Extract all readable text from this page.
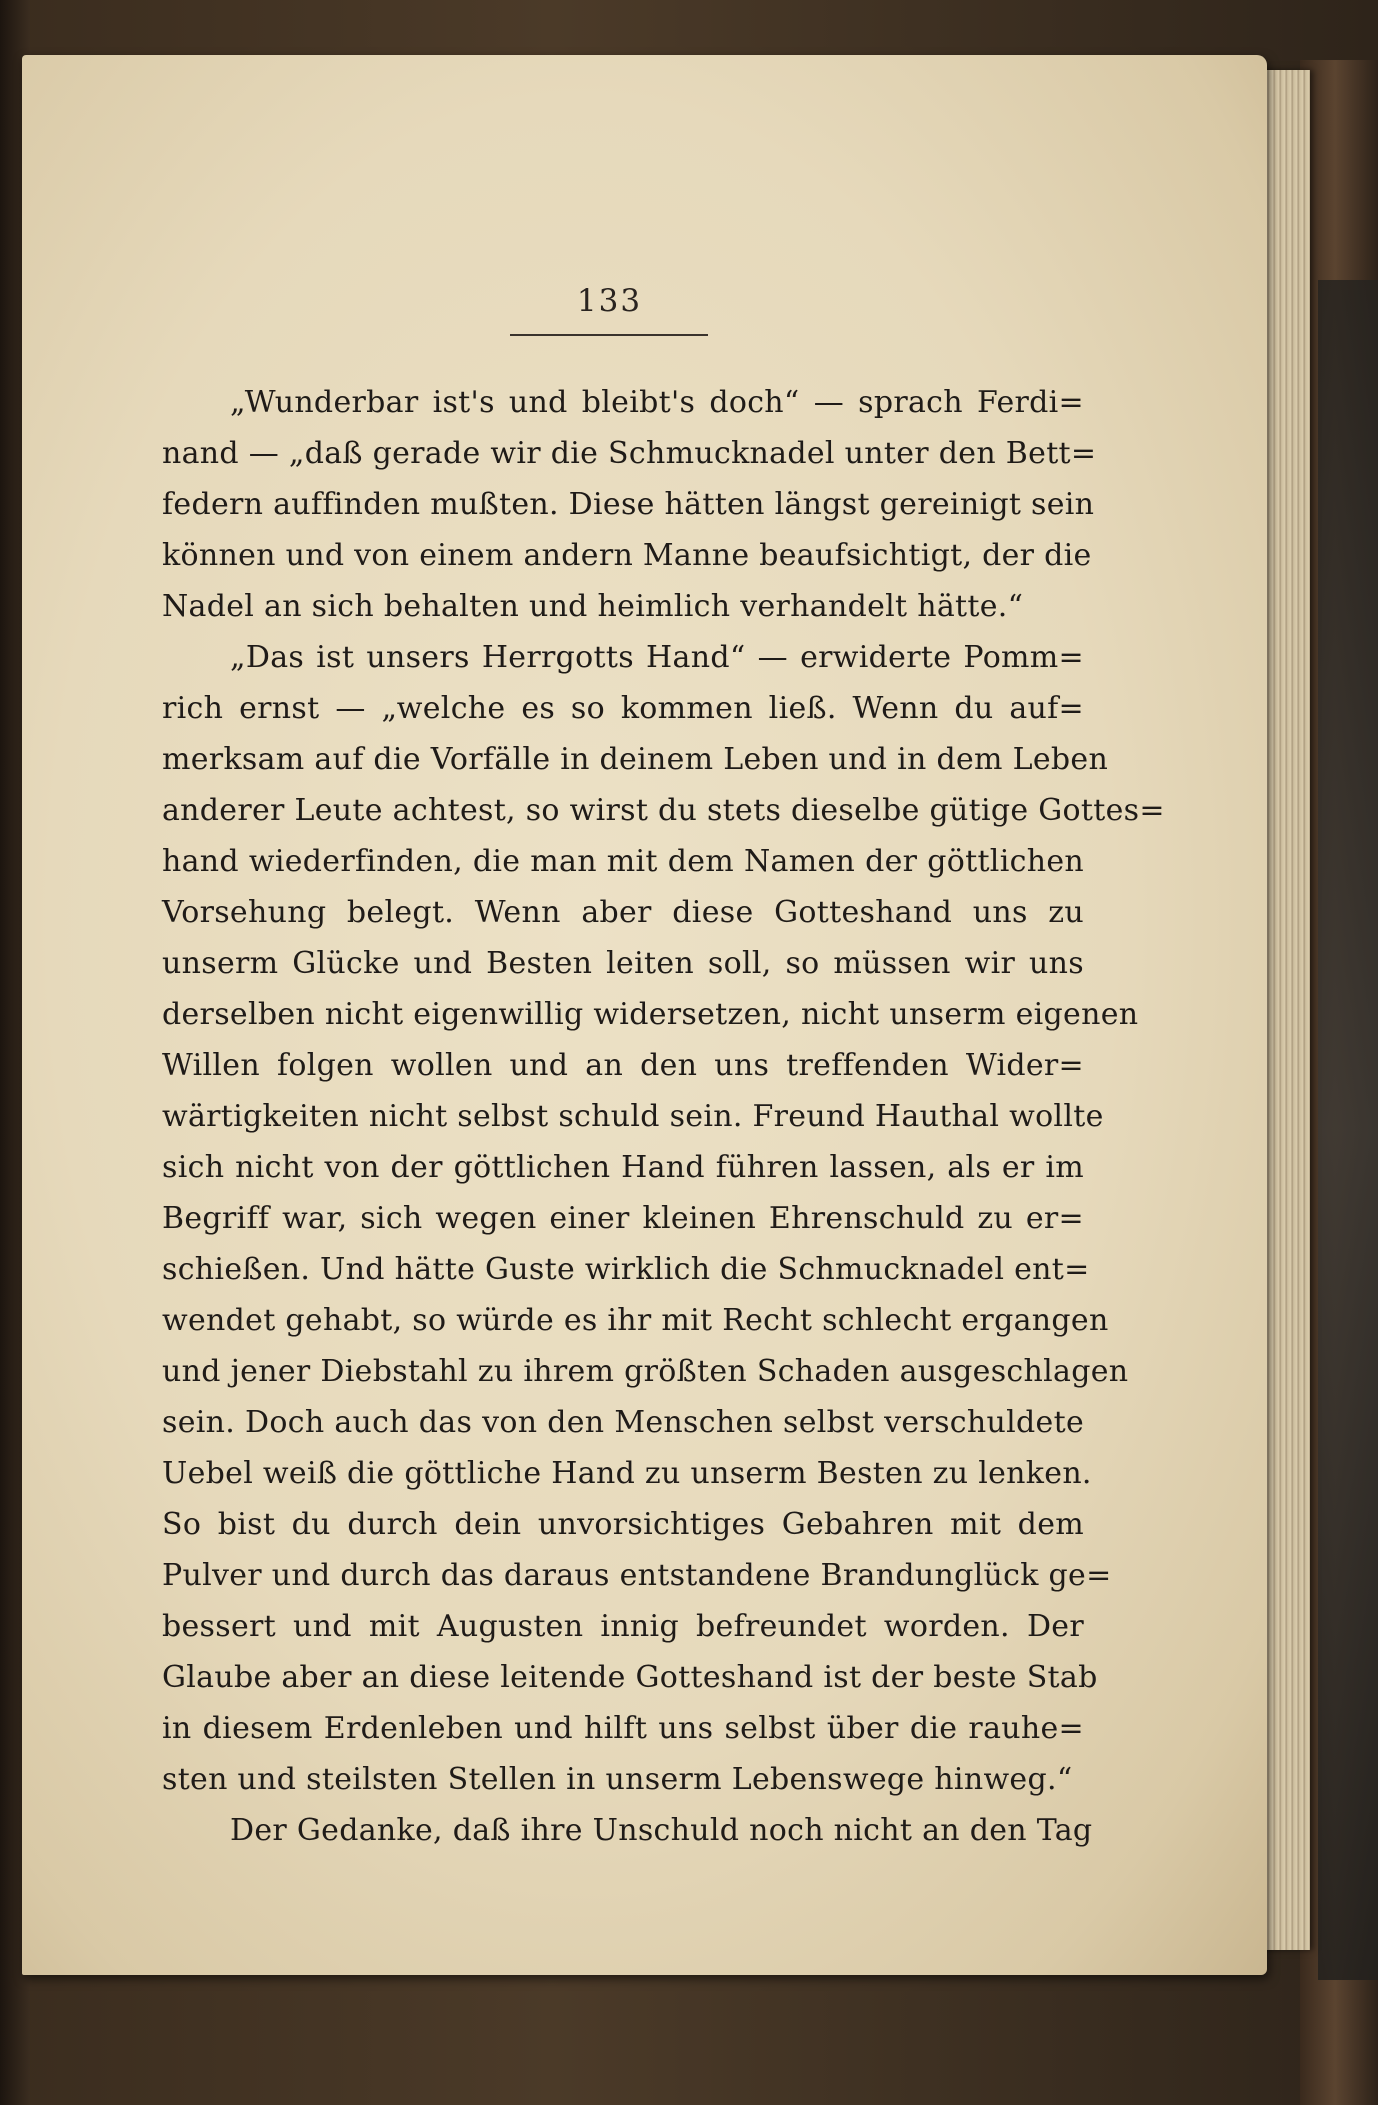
133
„Wunderbar ist's und bleibt's doch“ — sprach Ferdi=
nand — „daß gerade wir die Schmucknadel unter den Bett=
federn auffinden mußten. Diese hätten längst gereinigt sein
können und von einem andern Manne beaufsichtigt, der die
Nadel an sich behalten und heimlich verhandelt hätte.“
„Das ist unsers Herrgotts Hand“ — erwiderte Pomm=
rich ernst — „welche es so kommen ließ. Wenn du auf=
merksam auf die Vorfälle in deinem Leben und in dem Leben
anderer Leute achtest, so wirst du stets dieselbe gütige Gottes=
hand wiederfinden, die man mit dem Namen der göttlichen
Vorsehung belegt. Wenn aber diese Gotteshand uns zu
unserm Glücke und Besten leiten soll, so müssen wir uns
derselben nicht eigenwillig widersetzen, nicht unserm eigenen
Willen folgen wollen und an den uns treffenden Wider=
wärtigkeiten nicht selbst schuld sein. Freund Hauthal wollte
sich nicht von der göttlichen Hand führen lassen, als er im
Begriff war, sich wegen einer kleinen Ehrenschuld zu er=
schießen. Und hätte Guste wirklich die Schmucknadel ent=
wendet gehabt, so würde es ihr mit Recht schlecht ergangen
und jener Diebstahl zu ihrem größten Schaden ausgeschlagen
sein. Doch auch das von den Menschen selbst verschuldete
Uebel weiß die göttliche Hand zu unserm Besten zu lenken.
So bist du durch dein unvorsichtiges Gebahren mit dem
Pulver und durch das daraus entstandene Brandunglück ge=
bessert und mit Augusten innig befreundet worden. Der
Glaube aber an diese leitende Gotteshand ist der beste Stab
in diesem Erdenleben und hilft uns selbst über die rauhe=
sten und steilsten Stellen in unserm Lebenswege hinweg.“
Der Gedanke, daß ihre Unschuld noch nicht an den Tag
